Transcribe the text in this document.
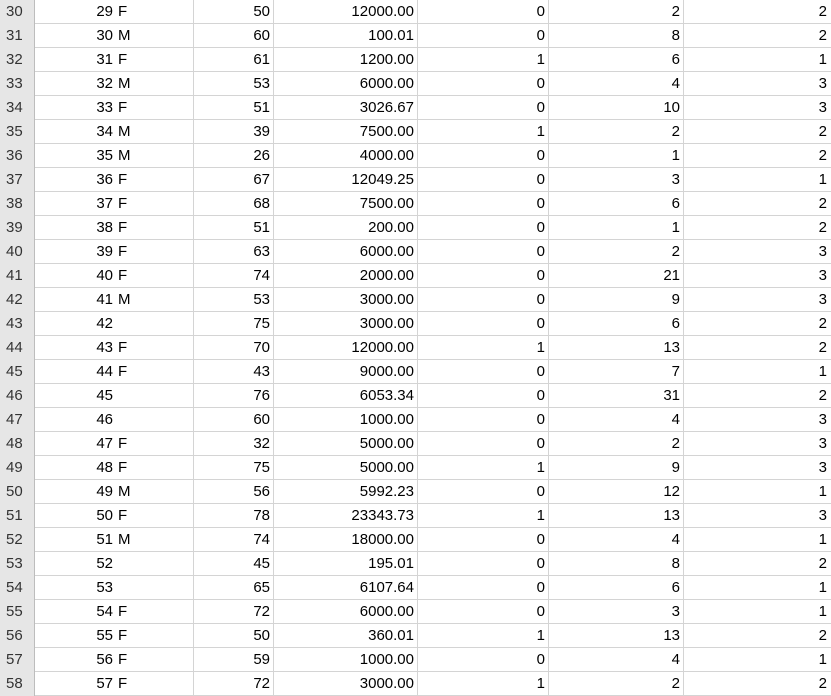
30	29 F	50	12000.00	0	2	2
31	30 M	60	100.01	0	8	2
32	31 F	61	1200.00	1	6	1
33	32 M	53	6000.00	0	4	3
34	33 F	51	3026.67	0	10	3
35	34 M	39	7500.00	1	2	2
36	35 M	26	4000.00	0	1	2
37	36 F	67	12049.25	0	3	1
38	37 F	68	7500.00	0	6	2
39	38 F	51	200.00	0	1	2
40	39 F	63	6000.00	0	2	3
41	40 F	74	2000.00	0	21	3
42	41 M	53	3000.00	0	9	3
43	42	75	3000.00	0	6	2
44	43 F	70	12000.00	1	13	2
45	44 F	43	9000.00	0	7	1
46	45	76	6053.34	0	31	2
47	46	60	1000.00	0	4	3
48	47 F	32	5000.00	0	2	3
49	48 F	75	5000.00	1	9	3
50	49 M	56	5992.23	0	12	1
51	50 F	78	23343.73	1	13	3
52	51 M	74	18000.00	0	4	1
53	52	45	195.01	0	8	2
54	53	65	6107.64	0	6	1
55	54 F	72	6000.00	0	3	1
56	55 F	50	360.01	1	13	2
57	56 F	59	1000.00	0	4	1
58	57 F	72	3000.00	1	2	2
